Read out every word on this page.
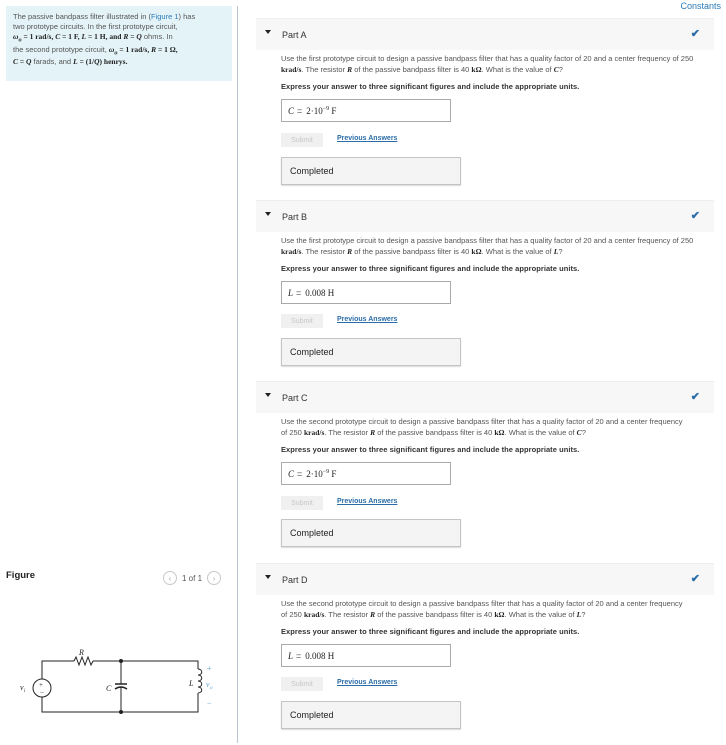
Constants
The passive bandpass filter illustrated in (Figure 1) has
two prototype circuits. In the first prototype circuit,
$\omega_o = 1$ rad/s, C = 1 F, L = 1 H, and R = Q ohms. In
the second prototype circuit, $\omega_o = 1$ rad/s, R = 1 Ω,
C = Q farads, and L = (1/Q) henrys.
Figure	‹	1 of 1	›
+
−
R
C
L
v i
+
v o
−
Part A	✔
Use the first prototype circuit to design a passive bandpass filter that has a quality factor of 20 and a center frequency of 250 krad/s. The resistor R of the passive bandpass filter is 40 kΩ. What is the value of C?
Express your answer to three significant figures and include the appropriate units.
$C = 2\cdot 10^{-9}$ F
Submit	Previous Answers
Completed
Part B	✔
Use the first prototype circuit to design a passive bandpass filter that has a quality factor of 20 and a center frequency of 250 krad/s. The resistor R of the passive bandpass filter is 40 kΩ. What is the value of L?
Express your answer to three significant figures and include the appropriate units.
L = 0.008 H
Submit	Previous Answers
Completed
Part C	✔
Use the second prototype circuit to design a passive bandpass filter that has a quality factor of 20 and a center frequency of 250 krad/s. The resistor R of the passive bandpass filter is 40 kΩ. What is the value of C?
Express your answer to three significant figures and include the appropriate units.
$C = 2\cdot 10^{-9}$ F
Submit	Previous Answers
Completed
Part D	✔
Use the second prototype circuit to design a passive bandpass filter that has a quality factor of 20 and a center frequency of 250 krad/s. The resistor R of the passive bandpass filter is 40 kΩ. What is the value of L?
Express your answer to three significant figures and include the appropriate units.
L = 0.008 H
Submit	Previous Answers
Completed
